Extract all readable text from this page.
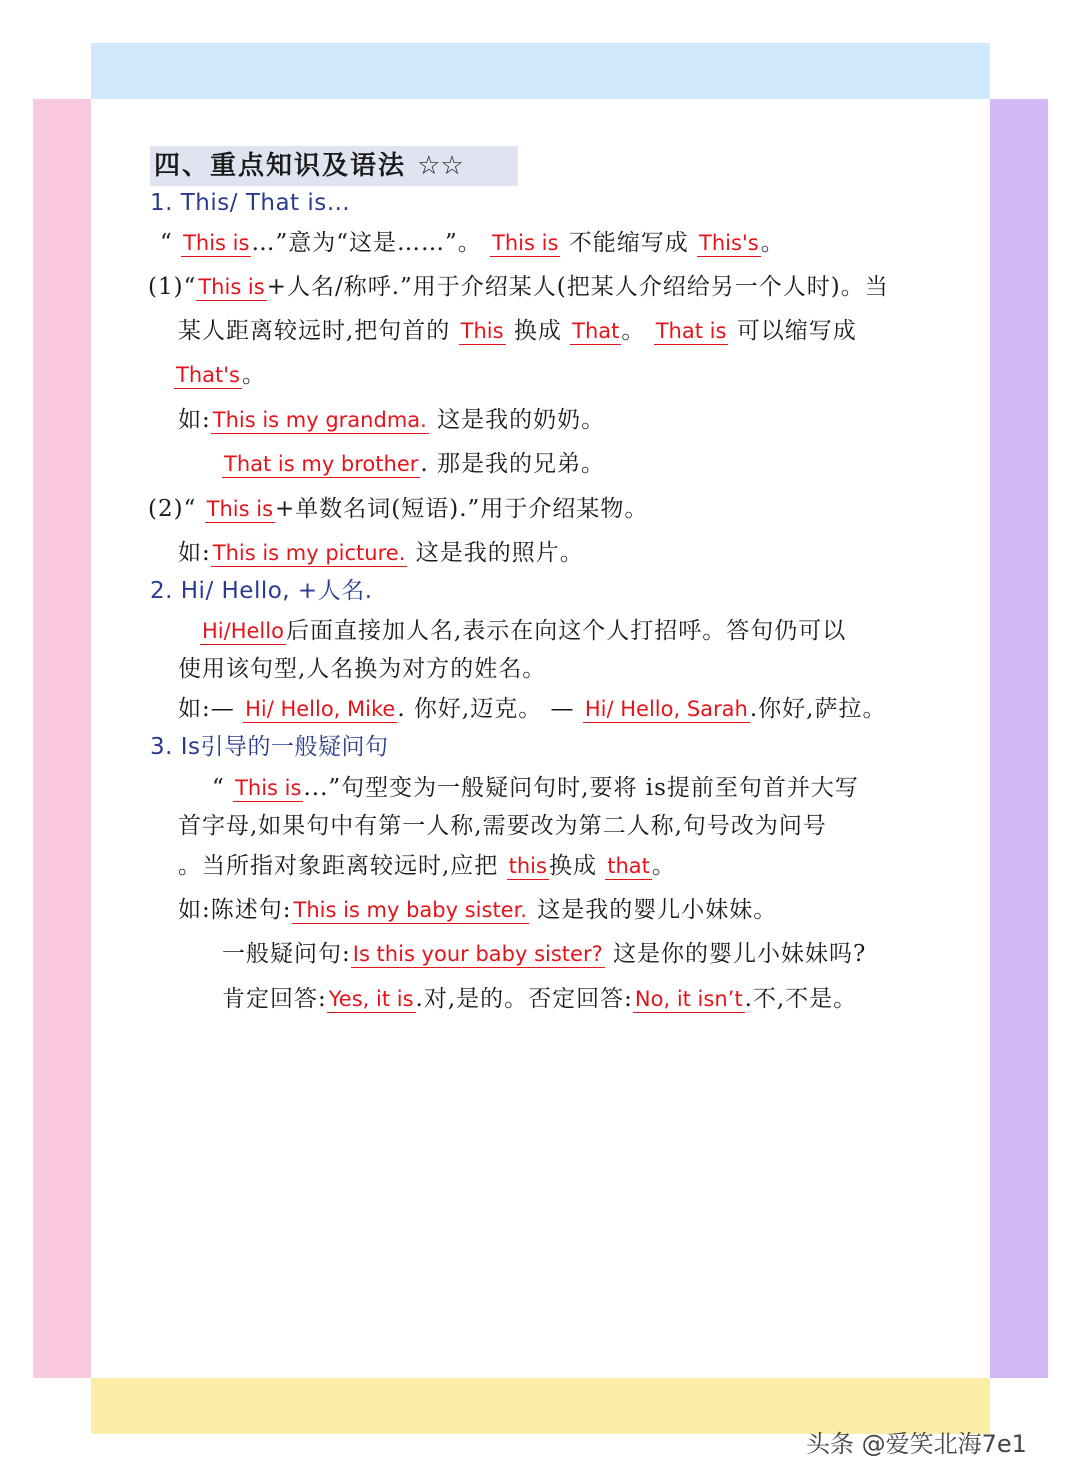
四、重点知识及语法 ☆☆
1. This/ That is…
“ This is…”意为“这是……”。 This is 不能缩写成 This's。
(1)“This is+人名/称呼.”用于介绍某人(把某人介绍给另一个人时)。当
某人距离较远时,把句首的 This 换成 That。 That is 可以缩写成
That's。
如:This is my grandma. 这是我的奶奶。
That is my brother. 那是我的兄弟。
(2)“ This is+单数名词(短语).”用于介绍某物。
如:This is my picture. 这是我的照片。
2. Hi/ Hello, +人名.
Hi/Hello后面直接加人名,表示在向这个人打招呼。答句仍可以
使用该句型,人名换为对方的姓名。
如:— Hi/ Hello, Mike. 你好,迈克。 — Hi/ Hello, Sarah.你好,萨拉。
3. Is引导的一般疑问句
“ This is...”句型变为一般疑问句时,要将 is提前至句首并大写
首字母,如果句中有第一人称,需要改为第二人称,句号改为问号
。当所指对象距离较远时,应把 this换成 that。
如:陈述句:This is my baby sister. 这是我的婴儿小妹妹。
一般疑问句:Is this your baby sister? 这是你的婴儿小妹妹吗?
肯定回答:Yes, it is.对,是的。否定回答:No, it isn’t.不,不是。
头条 @爱笑北海7e1
